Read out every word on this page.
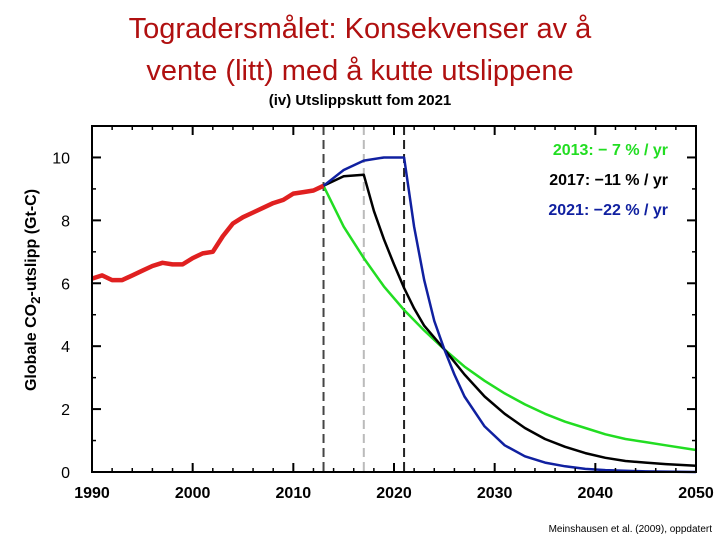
Togradersmålet: Konsekvenser av å
vente (litt) med å kutte utslippene
(iv) Utslippskutt fom 2021
Globale $CO_2$-utslipp (Gt-C)
Meinshausen et al. (2009), oppdatert
1990	2000	2010	2020	2030	2040	2050
0
2
4
6
8
10	2013: − 7 % / yr
2017: −11 % / yr
2021: −22 % / yr
